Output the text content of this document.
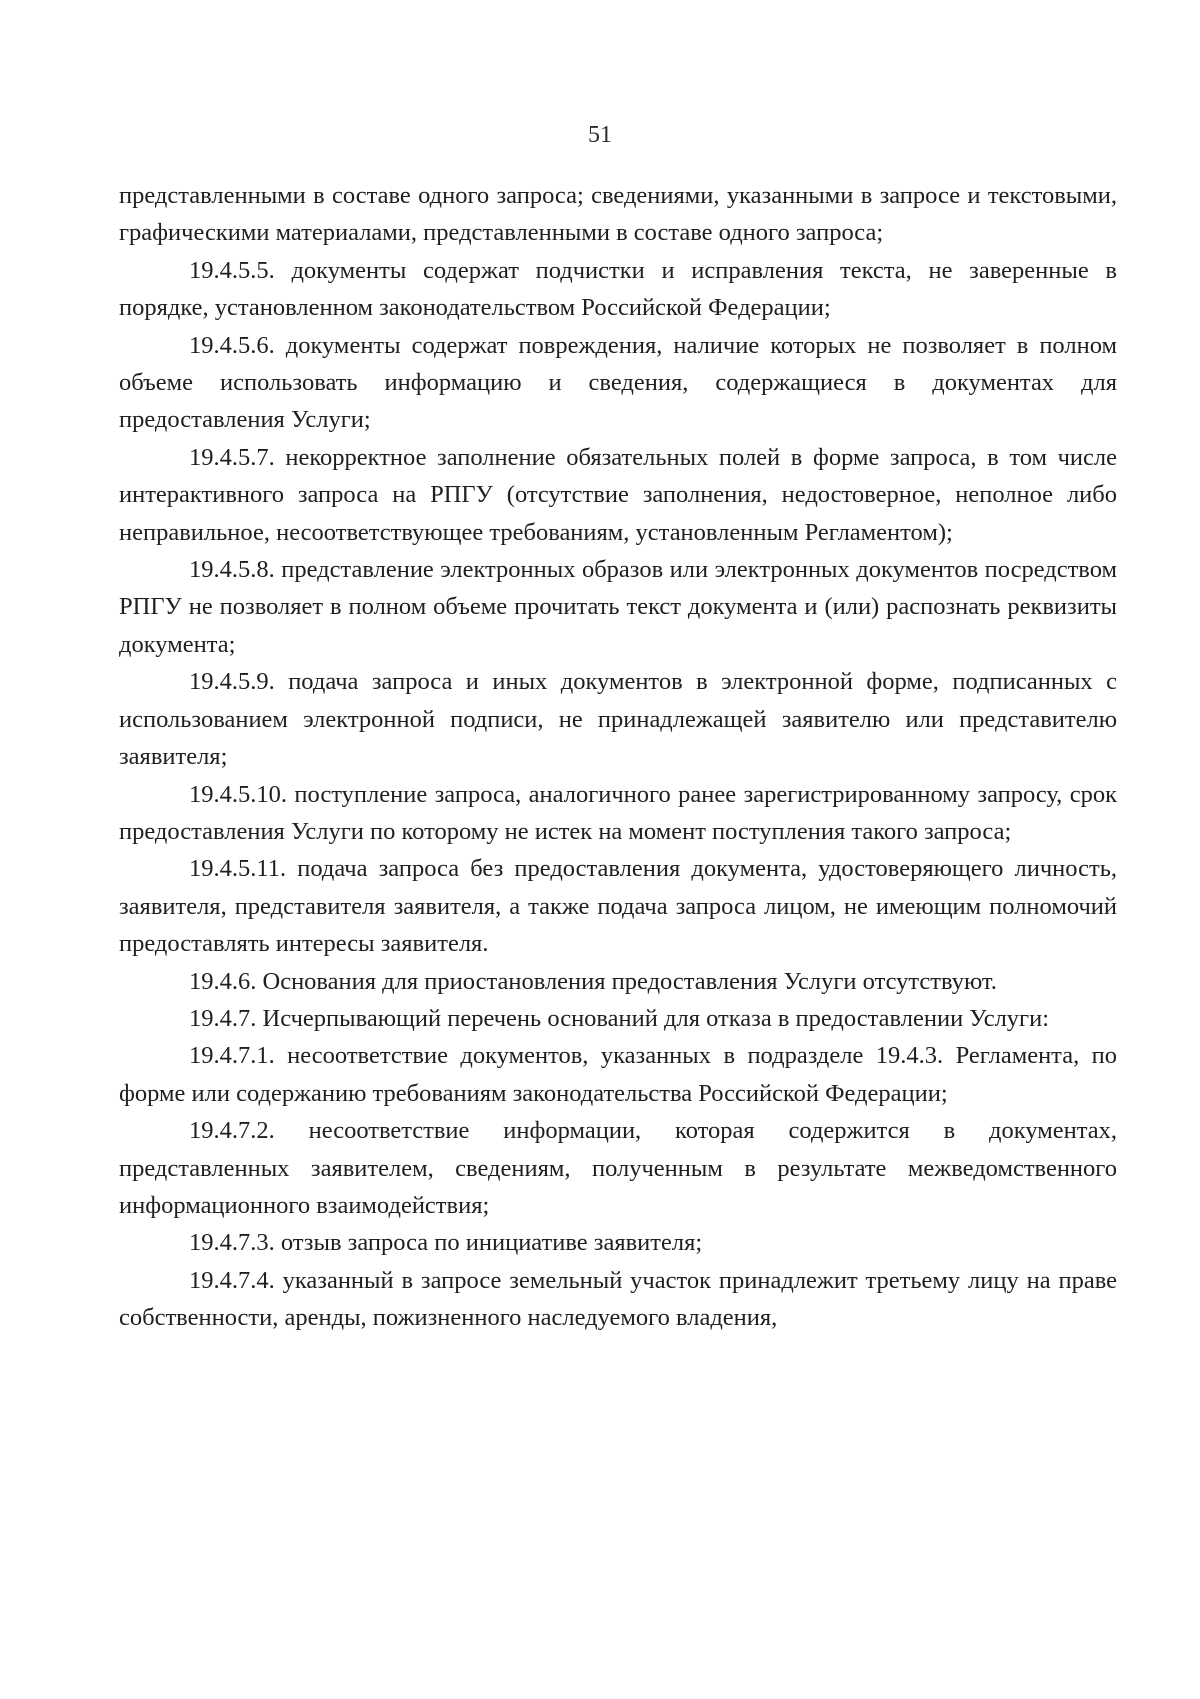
51

представленными в составе одного запроса; сведениями, указанными в запросе и текстовыми, графическими материалами, представленными в составе одного запроса;

19.4.5.5. документы содержат подчистки и исправления текста, не заверенные в порядке, установленном законодательством Российской Федерации;

19.4.5.6. документы содержат повреждения, наличие которых не позволяет в полном объеме использовать информацию и сведения, содержащиеся в документах для предоставления Услуги;

19.4.5.7. некорректное заполнение обязательных полей в форме запроса, в том числе интерактивного запроса на РПГУ (отсутствие заполнения, недостоверное, неполное либо неправильное, несоответствующее требованиям, установленным Регламентом);

19.4.5.8. представление электронных образов или электронных документов посредством РПГУ не позволяет в полном объеме прочитать текст документа и (или) распознать реквизиты документа;

19.4.5.9. подача запроса и иных документов в электронной форме, подписанных с использованием электронной подписи, не принадлежащей заявителю или представителю заявителя;

19.4.5.10. поступление запроса, аналогичного ранее зарегистрированному запросу, срок предоставления Услуги по которому не истек на момент поступления такого запроса;

19.4.5.11. подача запроса без предоставления документа, удостоверяющего личность, заявителя, представителя заявителя, а также подача запроса лицом, не имеющим полномочий предоставлять интересы заявителя.

19.4.6. Основания для приостановления предоставления Услуги отсутствуют.

19.4.7. Исчерпывающий перечень оснований для отказа в предоставлении Услуги:

19.4.7.1. несоответствие документов, указанных в подразделе 19.4.3. Регламента, по форме или содержанию требованиям законодательства Российской Федерации;

19.4.7.2. несоответствие информации, которая содержится в документах, представленных заявителем, сведениям, полученным в результате межведомственного информационного взаимодействия;

19.4.7.3. отзыв запроса по инициативе заявителя;

19.4.7.4. указанный в запросе земельный участок принадлежит третьему лицу на праве собственности, аренды, пожизненного наследуемого владения,
